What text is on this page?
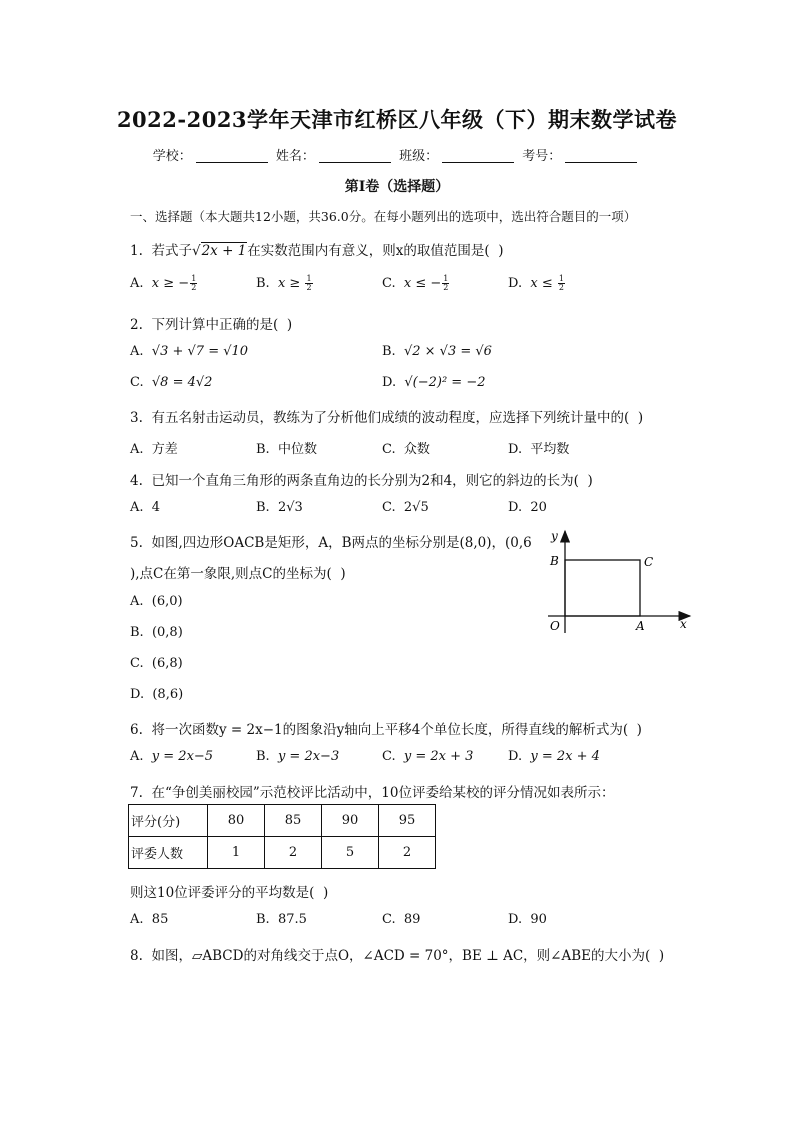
2022-2023学年天津市红桥区八年级（下）期末数学试卷
学校：	姓名：	班级：	考号：
第I卷（选择题）
一、选择题（本大题共12小题，共36.0分。在每小题列出的选项中，选出符合题目的一项）
1. 若式子√2x + 1在实数范围内有意义，则x的取值范围是(  )
A. x ≥ − $\frac{1}{2}$	B. $x \ge \frac{1}{2}$	C. x ≤ − $\frac{1}{2}$	D. $x \le \frac{1}{2}$
2. 下列计算中正确的是(  )
A. √3 + √7 = √10	B. √2 × √3 = √6
C. √8 = 4√2	D. √(−2)² = −2
3. 有五名射击运动员，教练为了分析他们成绩的波动程度，应选择下列统计量中的(  )
A. 方差	B. 中位数	C. 众数	D. 平均数
4. 已知一个直角三角形的两条直角边的长分别为2和4，则它的斜边的长为(  )
A. 4	B. 2√3	C. 2√5	D. 20
5. 如图,四边形OACB是矩形，A，B两点的坐标分别是(8,0)，(0,6
),点C在第一象限,则点C的坐标为(  )
A. (6,0)
B. (0,8)
C. (6,8)
D. (8,6)
y
x
B	C
O	A
6. 将一次函数y = 2x−1的图象沿y轴向上平移4个单位长度，所得直线的解析式为(  )
A. y = 2x−5	B. y = 2x−3	C. y = 2x + 3	D. y = 2x + 4
7. 在“争创美丽校园”示范校评比活动中，10位评委给某校的评分情况如表所示：
评分(分)	80	85	90	95
评委人数	1	2	5	2
则这10位评委评分的平均数是(  )
A. 85	B. 87.5	C. 89	D. 90
8. 如图，▱ABCD的对角线交于点O，∠ACD = 70°，BE ⊥ AC，则∠ABE的大小为(  )
